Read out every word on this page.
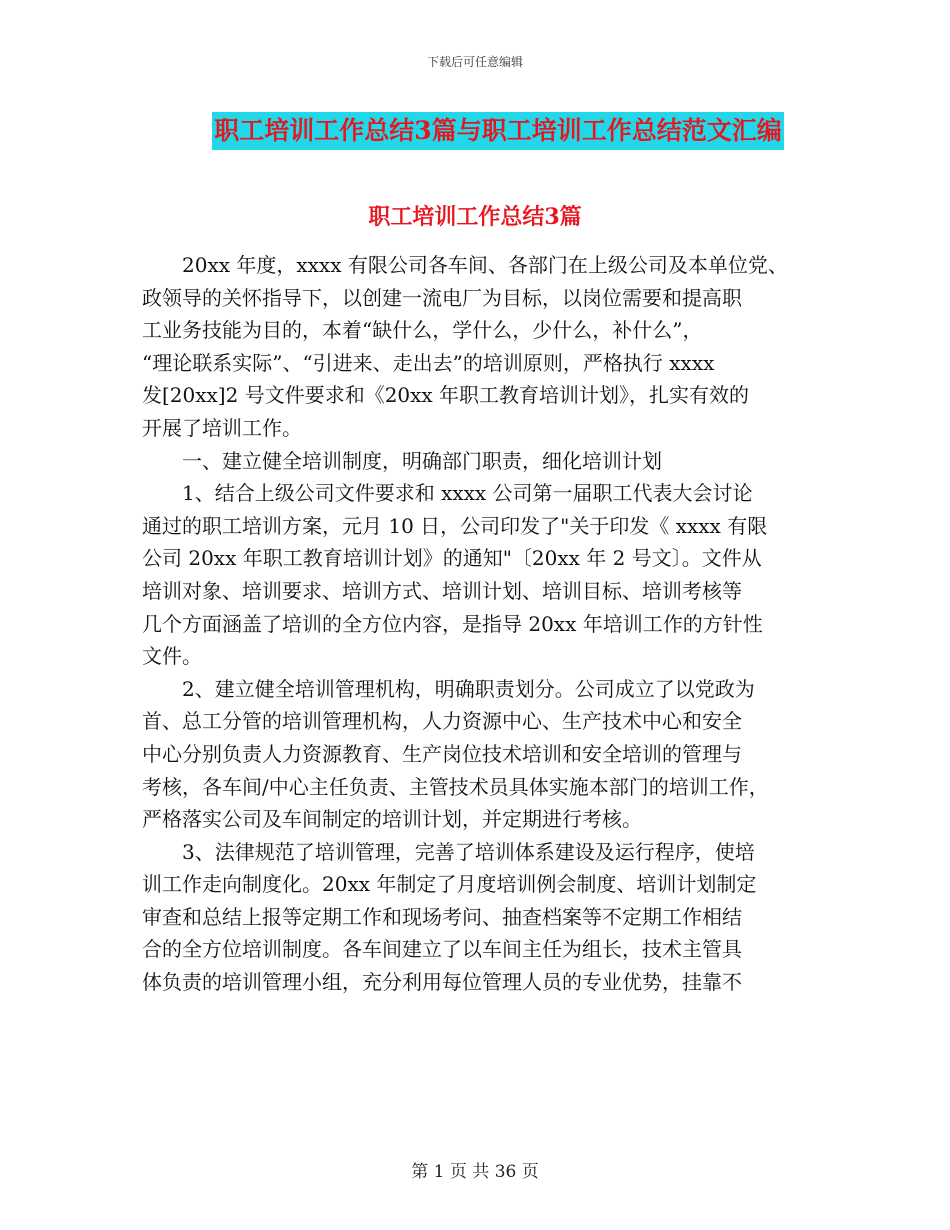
下载后可任意编辑
职工培训工作总结3篇与职工培训工作总结范文汇编
职工培训工作总结3篇

20xx 年度，xxxx 有限公司各车间、各部门在上级公司及本单位党、
政领导的关怀指导下，以创建一流电厂为目标，以岗位需要和提高职
工业务技能为目的，本着“缺什么，学什么，少什么，补什么”，
“理论联系实际”、“引进来、走出去”的培训原则，严格执行 xxxx
发[20xx]2 号文件要求和《20xx 年职工教育培训计划》，扎实有效的
开展了培训工作。

一、建立健全培训制度，明确部门职责，细化培训计划

1、结合上级公司文件要求和 xxxx 公司第一届职工代表大会讨论
通过的职工培训方案，元月 10 日，公司印发了"关于印发《 xxxx 有限
公司 20xx 年职工教育培训计划》的通知"〔20xx 年 2 号文〕。文件从
培训对象、培训要求、培训方式、培训计划、培训目标、培训考核等
几个方面涵盖了培训的全方位内容，是指导 20xx 年培训工作的方针性
文件。

2、建立健全培训管理机构，明确职责划分。公司成立了以党政为
首、总工分管的培训管理机构，人力资源中心、生产技术中心和安全
中心分别负责人力资源教育、生产岗位技术培训和安全培训的管理与
考核，各车间/中心主任负责、主管技术员具体实施本部门的培训工作，
严格落实公司及车间制定的培训计划，并定期进行考核。

3、法律规范了培训管理，完善了培训体系建设及运行程序，使培
训工作走向制度化。20xx 年制定了月度培训例会制度、培训计划制定
审查和总结上报等定期工作和现场考问、抽查档案等不定期工作相结
合的全方位培训制度。各车间建立了以车间主任为组长，技术主管具
体负责的培训管理小组，充分利用每位管理人员的专业优势，挂靠不

第 1 页 共 36 页
